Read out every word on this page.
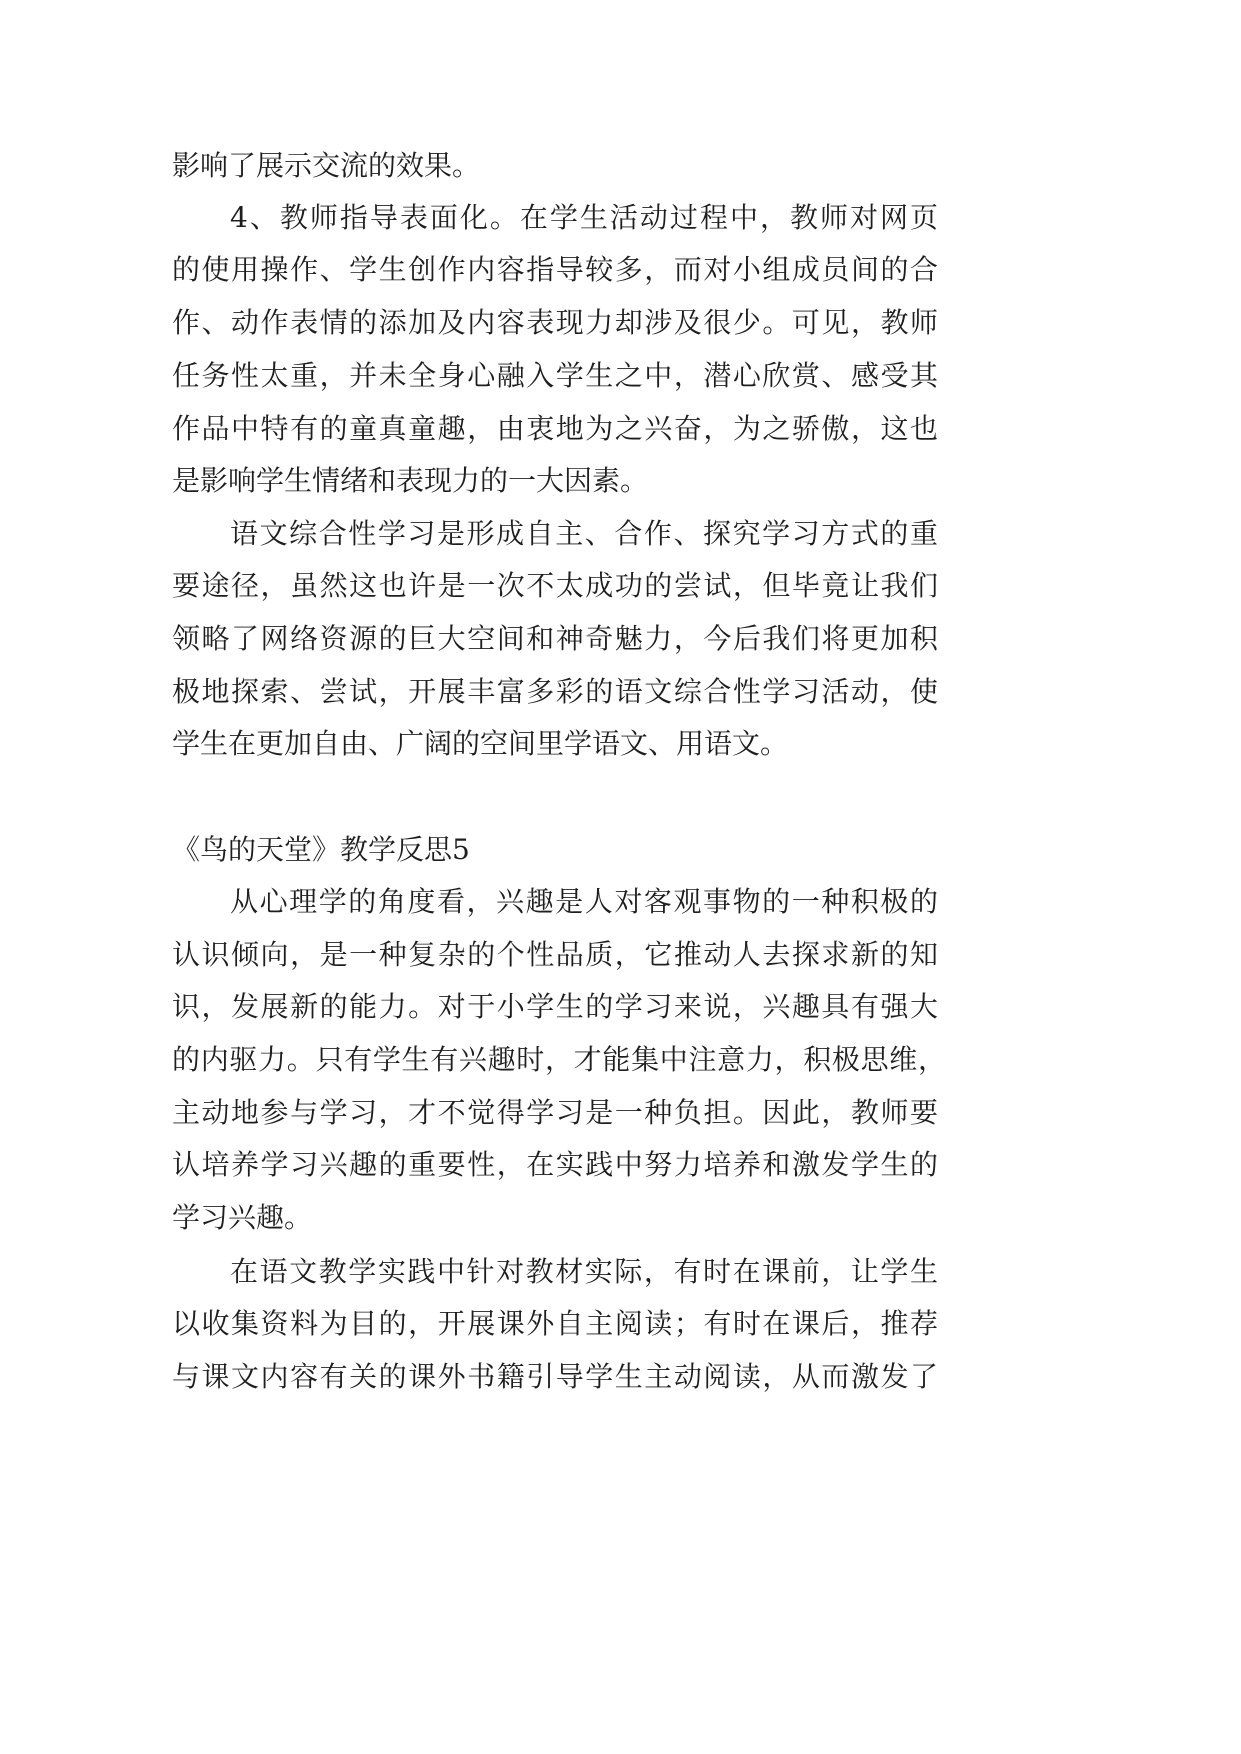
影响了展示交流的效果。
4、教师指导表面化。在学生活动过程中，教师对网页
的使用操作、学生创作内容指导较多，而对小组成员间的合
作、动作表情的添加及内容表现力却涉及很少。可见，教师
任务性太重，并未全身心融入学生之中，潜心欣赏、感受其
作品中特有的童真童趣，由衷地为之兴奋，为之骄傲，这也
是影响学生情绪和表现力的一大因素。
语文综合性学习是形成自主、合作、探究学习方式的重
要途径，虽然这也许是一次不太成功的尝试，但毕竟让我们
领略了网络资源的巨大空间和神奇魅力，今后我们将更加积
极地探索、尝试，开展丰富多彩的语文综合性学习活动，使
学生在更加自由、广阔的空间里学语文、用语文。
《鸟的天堂》教学反思5
从心理学的角度看，兴趣是人对客观事物的一种积极的
认识倾向，是一种复杂的个性品质，它推动人去探求新的知
识，发展新的能力。对于小学生的学习来说，兴趣具有强大
的内驱力。只有学生有兴趣时，才能集中注意力，积极思维，
主动地参与学习，才不觉得学习是一种负担。因此，教师要
认培养学习兴趣的重要性，在实践中努力培养和激发学生的
学习兴趣。
在语文教学实践中针对教材实际，有时在课前，让学生
以收集资料为目的，开展课外自主阅读；有时在课后，推荐
与课文内容有关的课外书籍引导学生主动阅读，从而激发了
